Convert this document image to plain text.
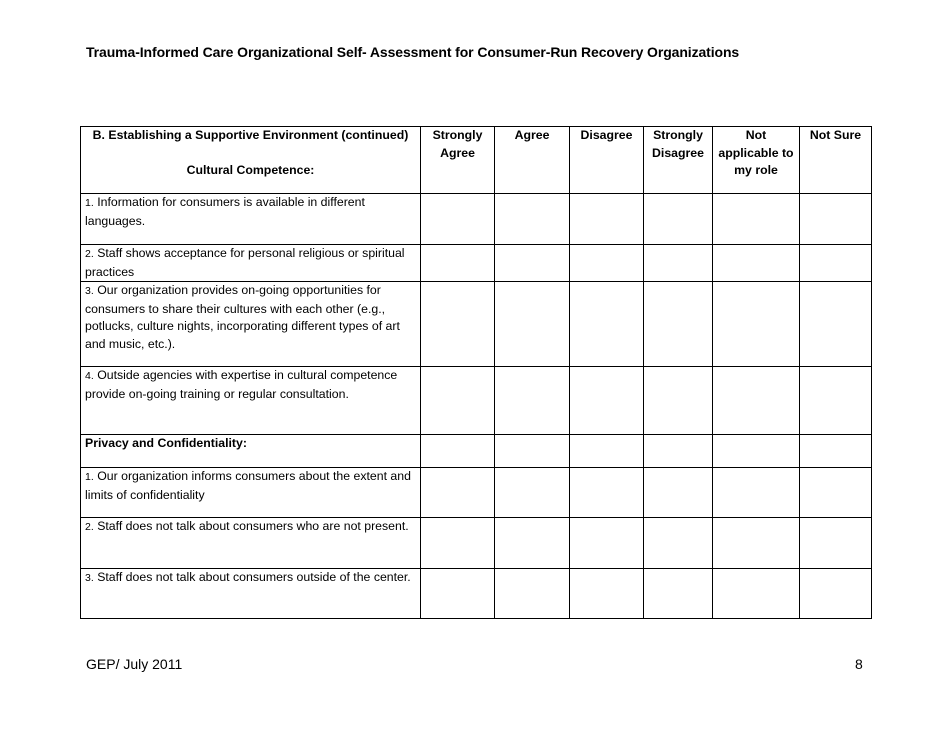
Trauma-Informed Care Organizational Self- Assessment for Consumer-Run Recovery Organizations
B. Establishing a Supportive Environment (continued)
Cultural Competence:	Strongly Agree	Agree	Disagree	Strongly Disagree	Not applicable to my role	Not Sure
1. Information for consumers is available in different languages.						
2. Staff shows acceptance for personal religious or spiritual practices						
3. Our organization provides on-going opportunities for consumers to share their cultures with each other (e.g., potlucks, culture nights, incorporating different types of art and music, etc.).						
4. Outside agencies with expertise in cultural competence provide on-going training or regular consultation.						
Privacy and Confidentiality:						
1. Our organization informs consumers about the extent and limits of confidentiality						
2. Staff does not talk about consumers who are not present.						
3. Staff does not talk about consumers outside of the center.						
GEP/ July 2011	8
